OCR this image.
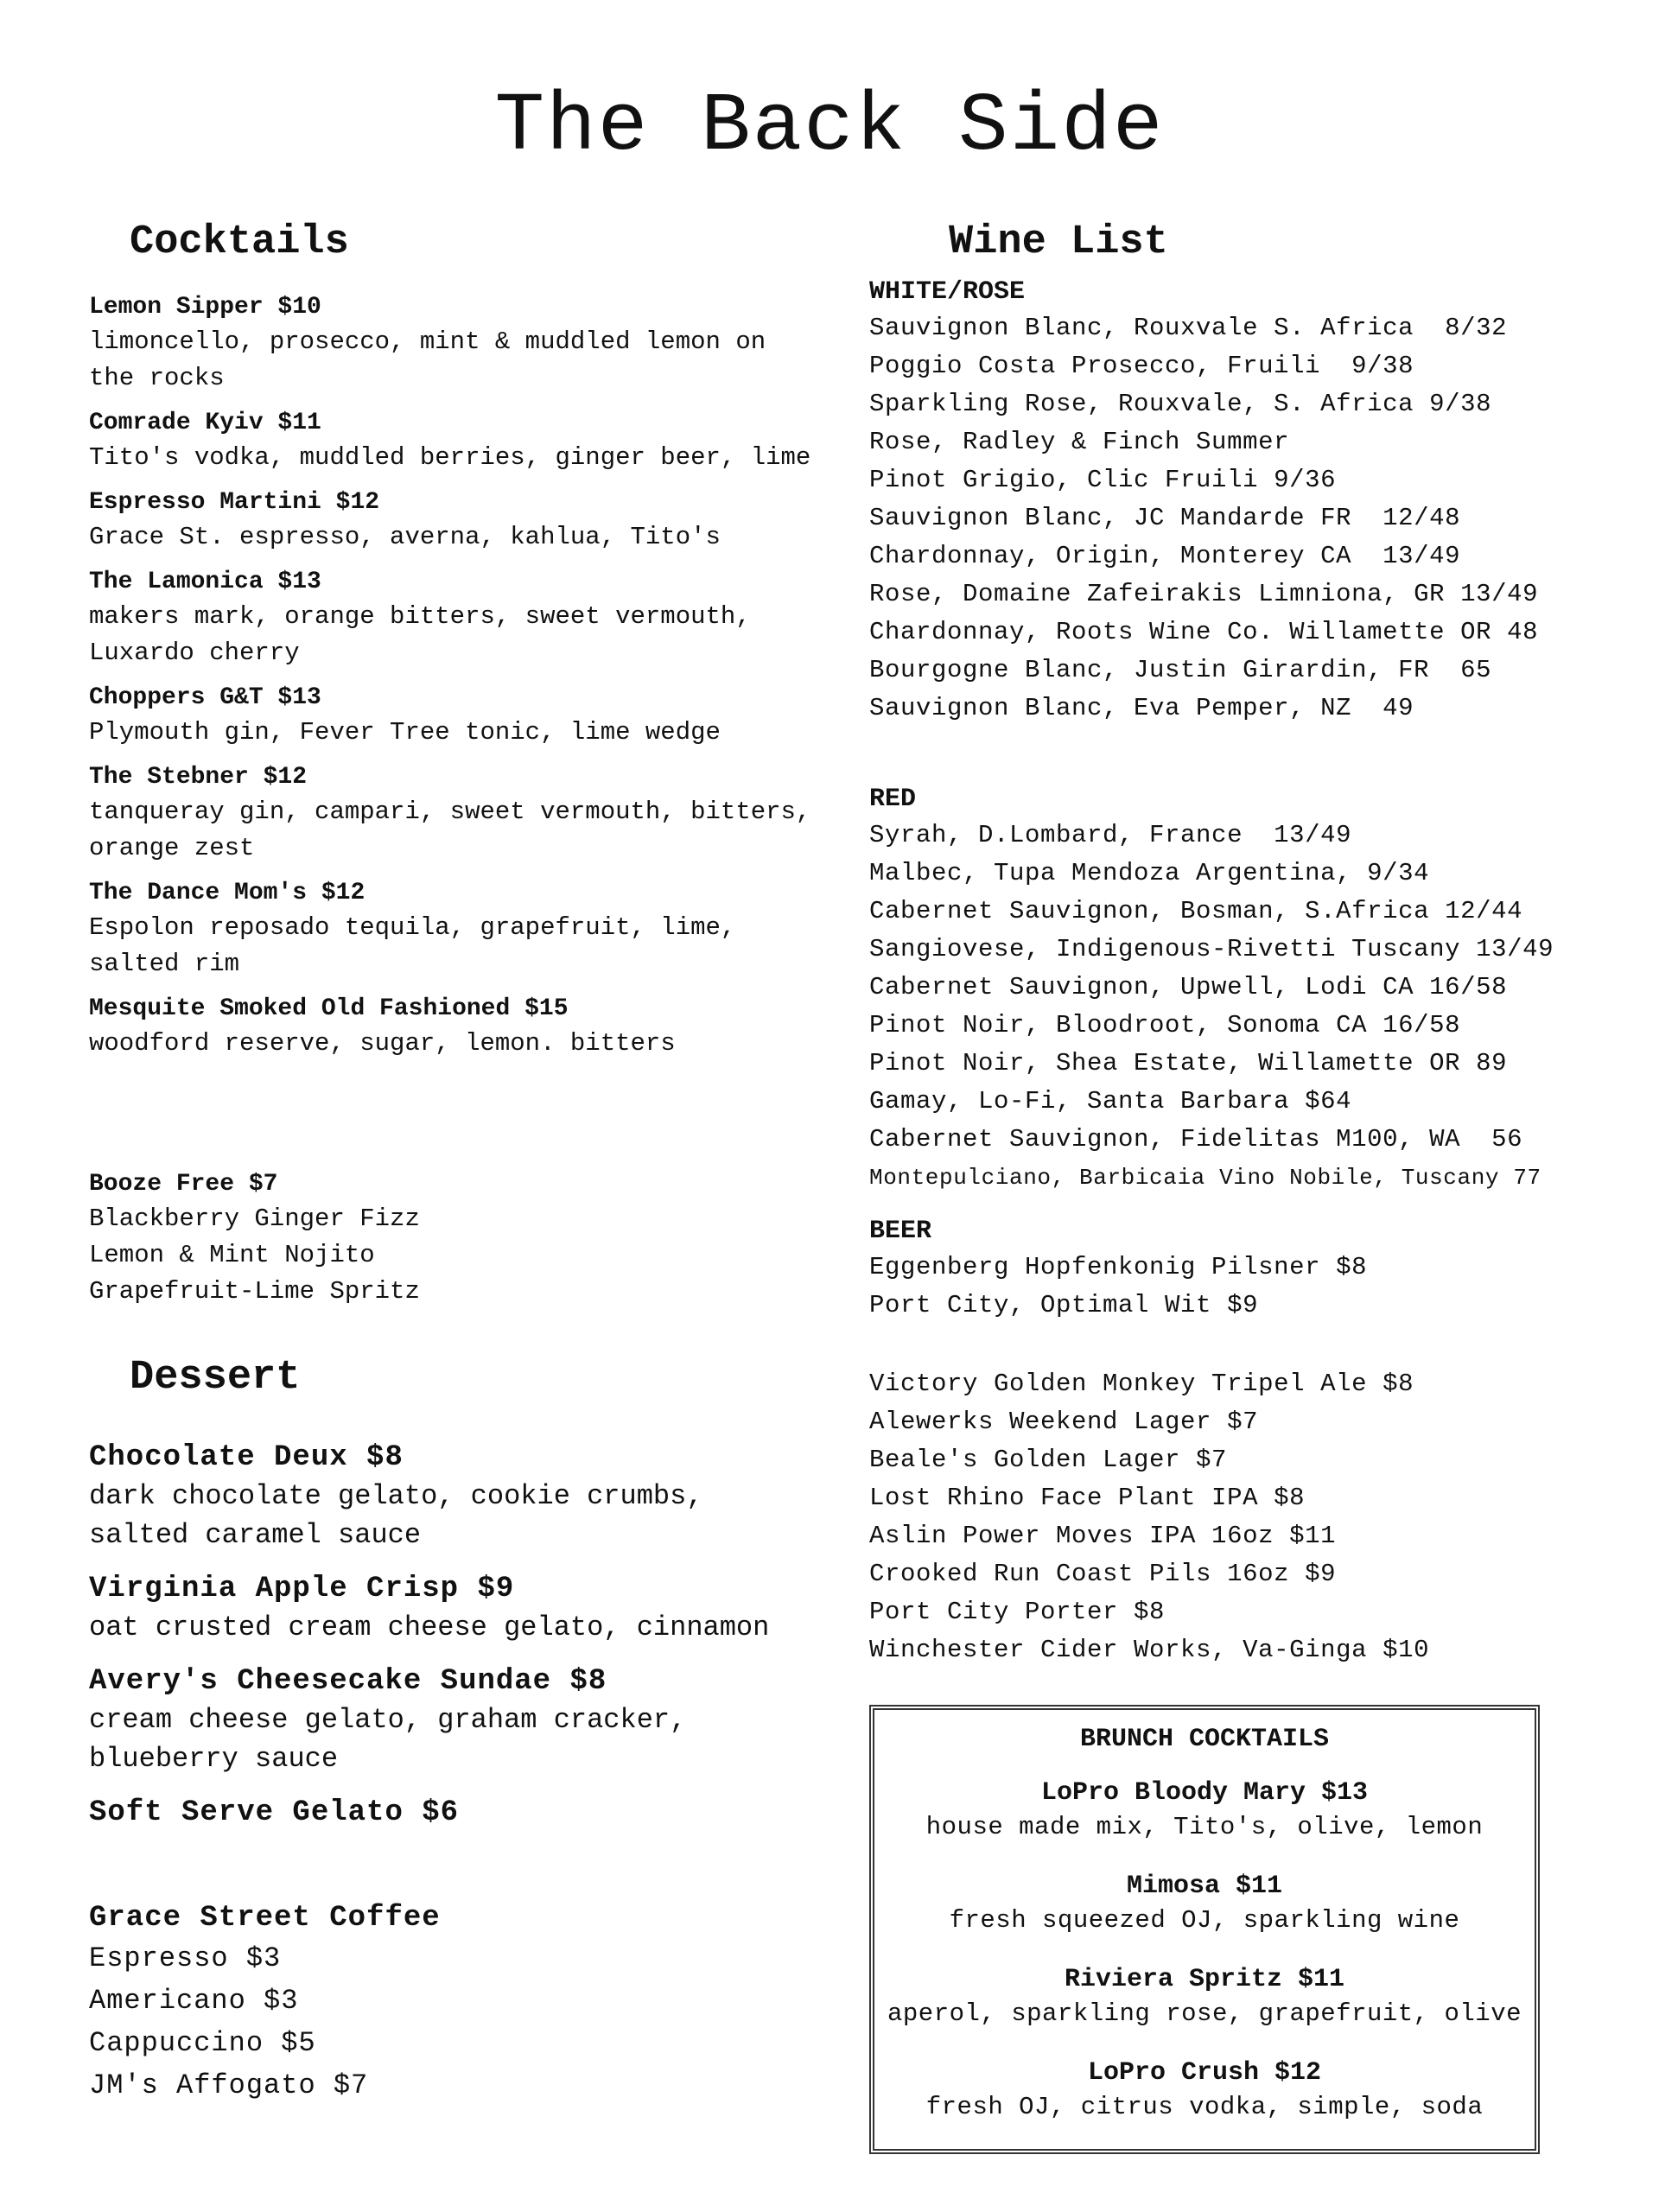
The Back Side
Cocktails
Lemon Sipper $10
limoncello, prosecco, mint & muddled lemon on the rocks
Comrade Kyiv $11
Tito's vodka, muddled berries, ginger beer, lime
Espresso Martini $12
Grace St. espresso, averna, kahlua, Tito's
The Lamonica $13
makers mark, orange bitters, sweet vermouth, Luxardo cherry
Choppers G&T $13
Plymouth gin, Fever Tree tonic, lime wedge
The Stebner $12
tanqueray gin, campari, sweet vermouth, bitters, orange zest
The Dance Mom's $12
Espolon reposado tequila, grapefruit, lime, salted rim
Mesquite Smoked Old Fashioned $15
woodford reserve, sugar, lemon. bitters
Booze Free $7
Blackberry Ginger Fizz
Lemon & Mint Nojito
Grapefruit-Lime Spritz
Dessert
Chocolate Deux $8
dark chocolate gelato, cookie crumbs, salted caramel sauce
Virginia Apple Crisp $9
oat crusted cream cheese gelato, cinnamon
Avery's Cheesecake Sundae $8
cream cheese gelato, graham cracker, blueberry sauce
Soft Serve Gelato $6
Grace Street Coffee
Espresso $3
Americano $3
Cappuccino $5
JM's Affogato $7
Wine List
WHITE/ROSE
Sauvignon Blanc, Rouxvale S. Africa  8/32
Poggio Costa Prosecco, Fruili  9/38
Sparkling Rose, Rouxvale, S. Africa 9/38
Rose, Radley & Finch Summer
Pinot Grigio, Clic Fruili 9/36
Sauvignon Blanc, JC Mandarde FR  12/48
Chardonnay, Origin, Monterey CA  13/49
Rose, Domaine Zafeirakis Limniona, GR 13/49
Chardonnay, Roots Wine Co. Willamette OR 48
Bourgogne Blanc, Justin Girardin, FR  65
Sauvignon Blanc, Eva Pemper, NZ  49
RED
Syrah, D.Lombard, France  13/49
Malbec, Tupa Mendoza Argentina, 9/34
Cabernet Sauvignon, Bosman, S.Africa 12/44
Sangiovese, Indigenous-Rivetti Tuscany 13/49
Cabernet Sauvignon, Upwell, Lodi CA 16/58
Pinot Noir, Bloodroot, Sonoma CA 16/58
Pinot Noir, Shea Estate, Willamette OR 89
Gamay, Lo-Fi, Santa Barbara $64
Cabernet Sauvignon, Fidelitas M100, WA  56
Montepulciano, Barbicaia Vino Nobile, Tuscany 77
BEER
Eggenberg Hopfenkonig Pilsner $8
Port City, Optimal Wit $9
Victory Golden Monkey Tripel Ale $8
Alewerks Weekend Lager $7
Beale's Golden Lager $7
Lost Rhino Face Plant IPA $8
Aslin Power Moves IPA 16oz $11
Crooked Run Coast Pils 16oz $9
Port City Porter $8
Winchester Cider Works, Va-Ginga $10
BRUNCH COCKTAILS
LoPro Bloody Mary $13
house made mix, Tito's, olive, lemon
Mimosa $11
fresh squeezed OJ, sparkling wine
Riviera Spritz $11
aperol, sparkling rose, grapefruit, olive
LoPro Crush $12
fresh OJ, citrus vodka, simple, soda
